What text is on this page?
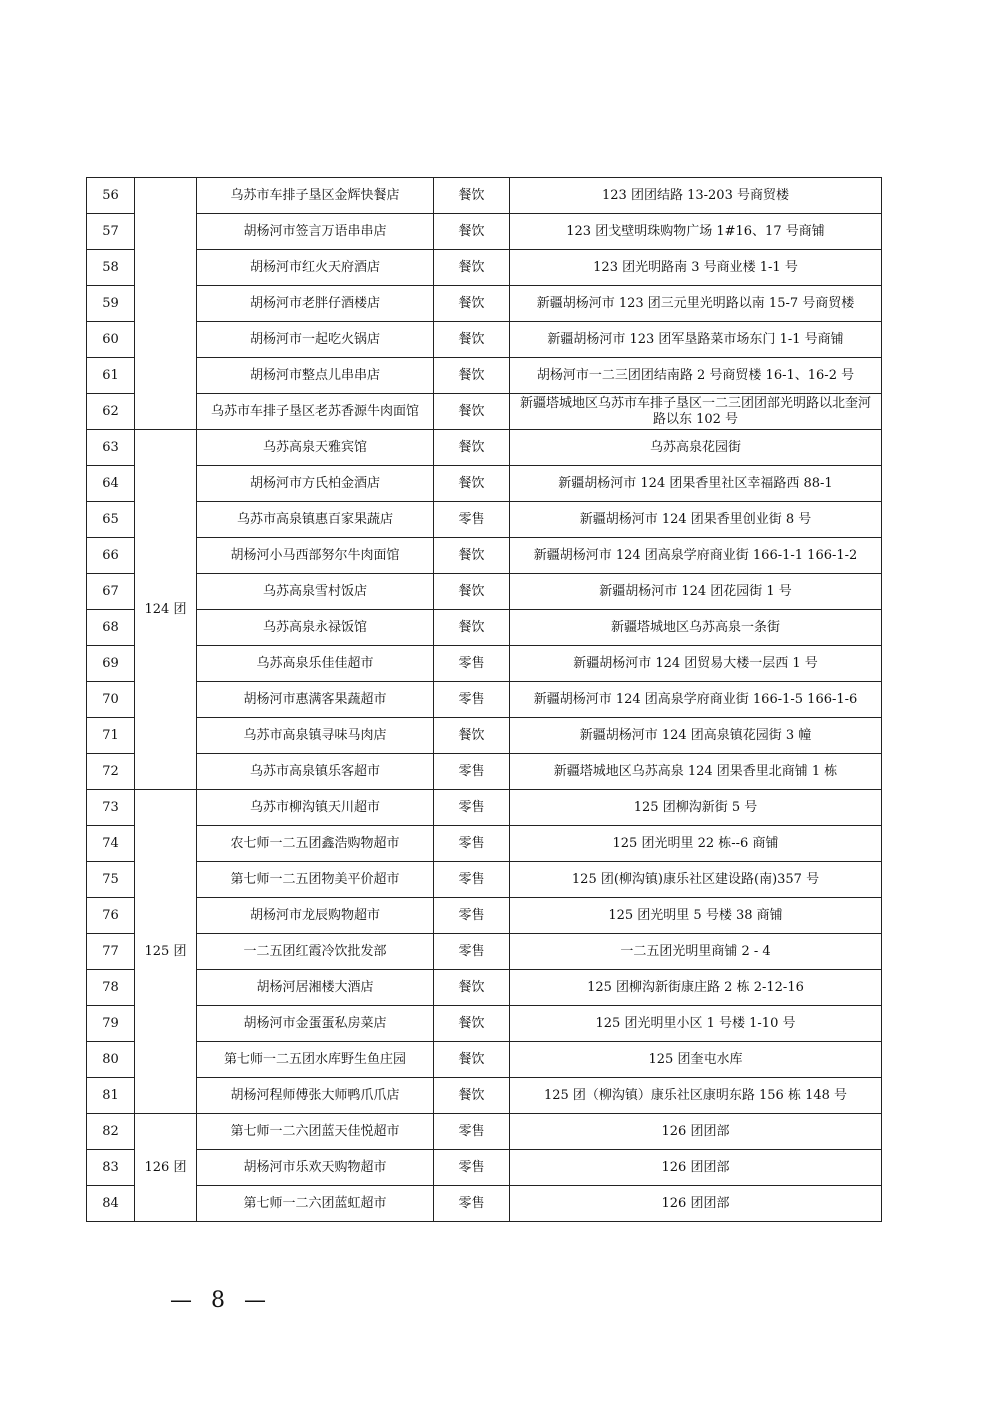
56		乌苏市车排子垦区金辉快餐店	餐饮	123 团团结路 13-203 号商贸楼
57		胡杨河市签言万语串串店	餐饮	123 团戈壁明珠购物广场 1#16、17 号商铺
58		胡杨河市红火天府酒店	餐饮	123 团光明路南 3 号商业楼 1-1 号
59		胡杨河市老胖仔酒楼店	餐饮	新疆胡杨河市 123 团三元里光明路以南 15-7 号商贸楼
60		胡杨河市一起吃火锅店	餐饮	新疆胡杨河市 123 团军垦路菜市场东门 1-1 号商铺
61		胡杨河市整点儿串串店	餐饮	胡杨河市一二三团团结南路 2 号商贸楼 16-1、16-2 号
62		乌苏市车排子垦区老苏香源牛肉面馆	餐饮	新疆塔城地区乌苏市车排子垦区一二三团团部光明路以北奎河路以东 102 号
63	124 团	乌苏高泉天雅宾馆	餐饮	乌苏高泉花园街
64		胡杨河市方氏柏金酒店	餐饮	新疆胡杨河市 124 团果香里社区幸福路西 88-1
65		乌苏市高泉镇惠百家果蔬店	零售	新疆胡杨河市 124 团果香里创业街 8 号
66		胡杨河小马西部努尔牛肉面馆	餐饮	新疆胡杨河市 124 团高泉学府商业街 166-1-1 166-1-2
67		乌苏高泉雪村饭店	餐饮	新疆胡杨河市 124 团花园街 1 号
68		乌苏高泉永禄饭馆	餐饮	新疆塔城地区乌苏高泉一条街
69		乌苏高泉乐佳佳超市	零售	新疆胡杨河市 124 团贸易大楼一层西 1 号
70		胡杨河市惠满客果蔬超市	零售	新疆胡杨河市 124 团高泉学府商业街 166-1-5 166-1-6
71		乌苏市高泉镇寻味马肉店	餐饮	新疆胡杨河市 124 团高泉镇花园街 3 幢
72		乌苏市高泉镇乐客超市	零售	新疆塔城地区乌苏高泉 124 团果香里北商铺 1 栋
73	125 团	乌苏市柳沟镇天川超市	零售	125 团柳沟新街 5 号
74		农七师一二五团鑫浩购物超市	零售	125 团光明里 22 栋--6 商铺
75		第七师一二五团物美平价超市	零售	125 团(柳沟镇)康乐社区建设路(南)357 号
76		胡杨河市龙辰购物超市	零售	125 团光明里 5 号楼 38 商铺
77		一二五团红霞冷饮批发部	零售	一二五团光明里商铺 2 - 4
78		胡杨河居湘楼大酒店	餐饮	125 团柳沟新街康庄路 2 栋 2-12-16
79		胡杨河市金蛋蛋私房菜店	餐饮	125 团光明里小区 1 号楼 1-10 号
80		第七师一二五团水库野生鱼庄园	餐饮	125 团奎屯水库
81		胡杨河程师傅张大师鸭爪爪店	餐饮	125 团（柳沟镇）康乐社区康明东路 156 栋 148 号
82	126 团	第七师一二六团蓝天佳悦超市	零售	126 团团部
83		胡杨河市乐欢天购物超市	零售	126 团团部
84		第七师一二六团蓝虹超市	零售	126 团团部
— 8 —
